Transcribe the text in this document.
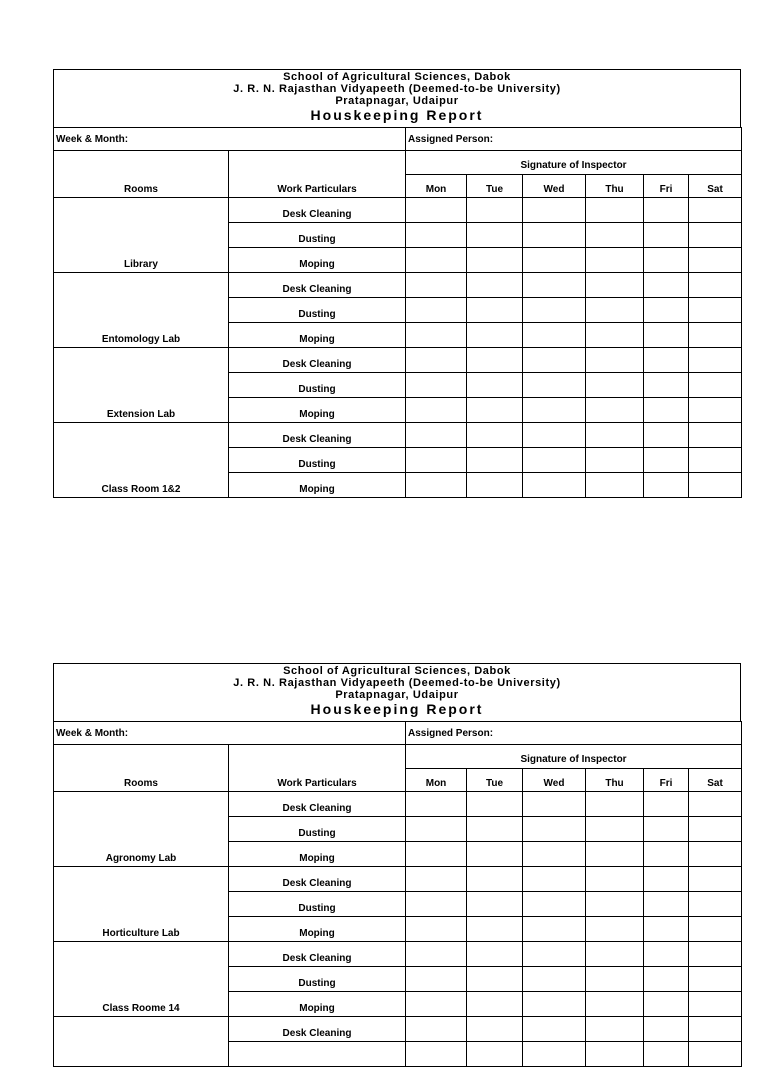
School of Agricultural Sciences, Dabok
J. R. N. Rajasthan Vidyapeeth (Deemed-to-be University)
Pratapnagar, Udaipur
Houskeeping Report
Week & Month:		Assigned Person:					
Rooms	Work Particulars	Signature of Inspector					
		Mon	Tue	Wed	Thu	Fri	Sat
Library	Desk Cleaning						
	Dusting						
	Moping						
Entomology Lab	Desk Cleaning						
	Dusting						
	Moping						
Extension Lab	Desk Cleaning						
	Dusting						
	Moping						
Class Room 1&2	Desk Cleaning						
	Dusting						
	Moping						
School of Agricultural Sciences, Dabok
J. R. N. Rajasthan Vidyapeeth (Deemed-to-be University)
Pratapnagar, Udaipur
Houskeeping Report
Week & Month:		Assigned Person:					
Rooms	Work Particulars	Signature of Inspector					
		Mon	Tue	Wed	Thu	Fri	Sat
Agronomy Lab	Desk Cleaning						
	Dusting						
	Moping						
Horticulture Lab	Desk Cleaning						
	Dusting						
	Moping						
Class Roome 14	Desk Cleaning						
	Dusting						
	Moping						
	Desk Cleaning						
